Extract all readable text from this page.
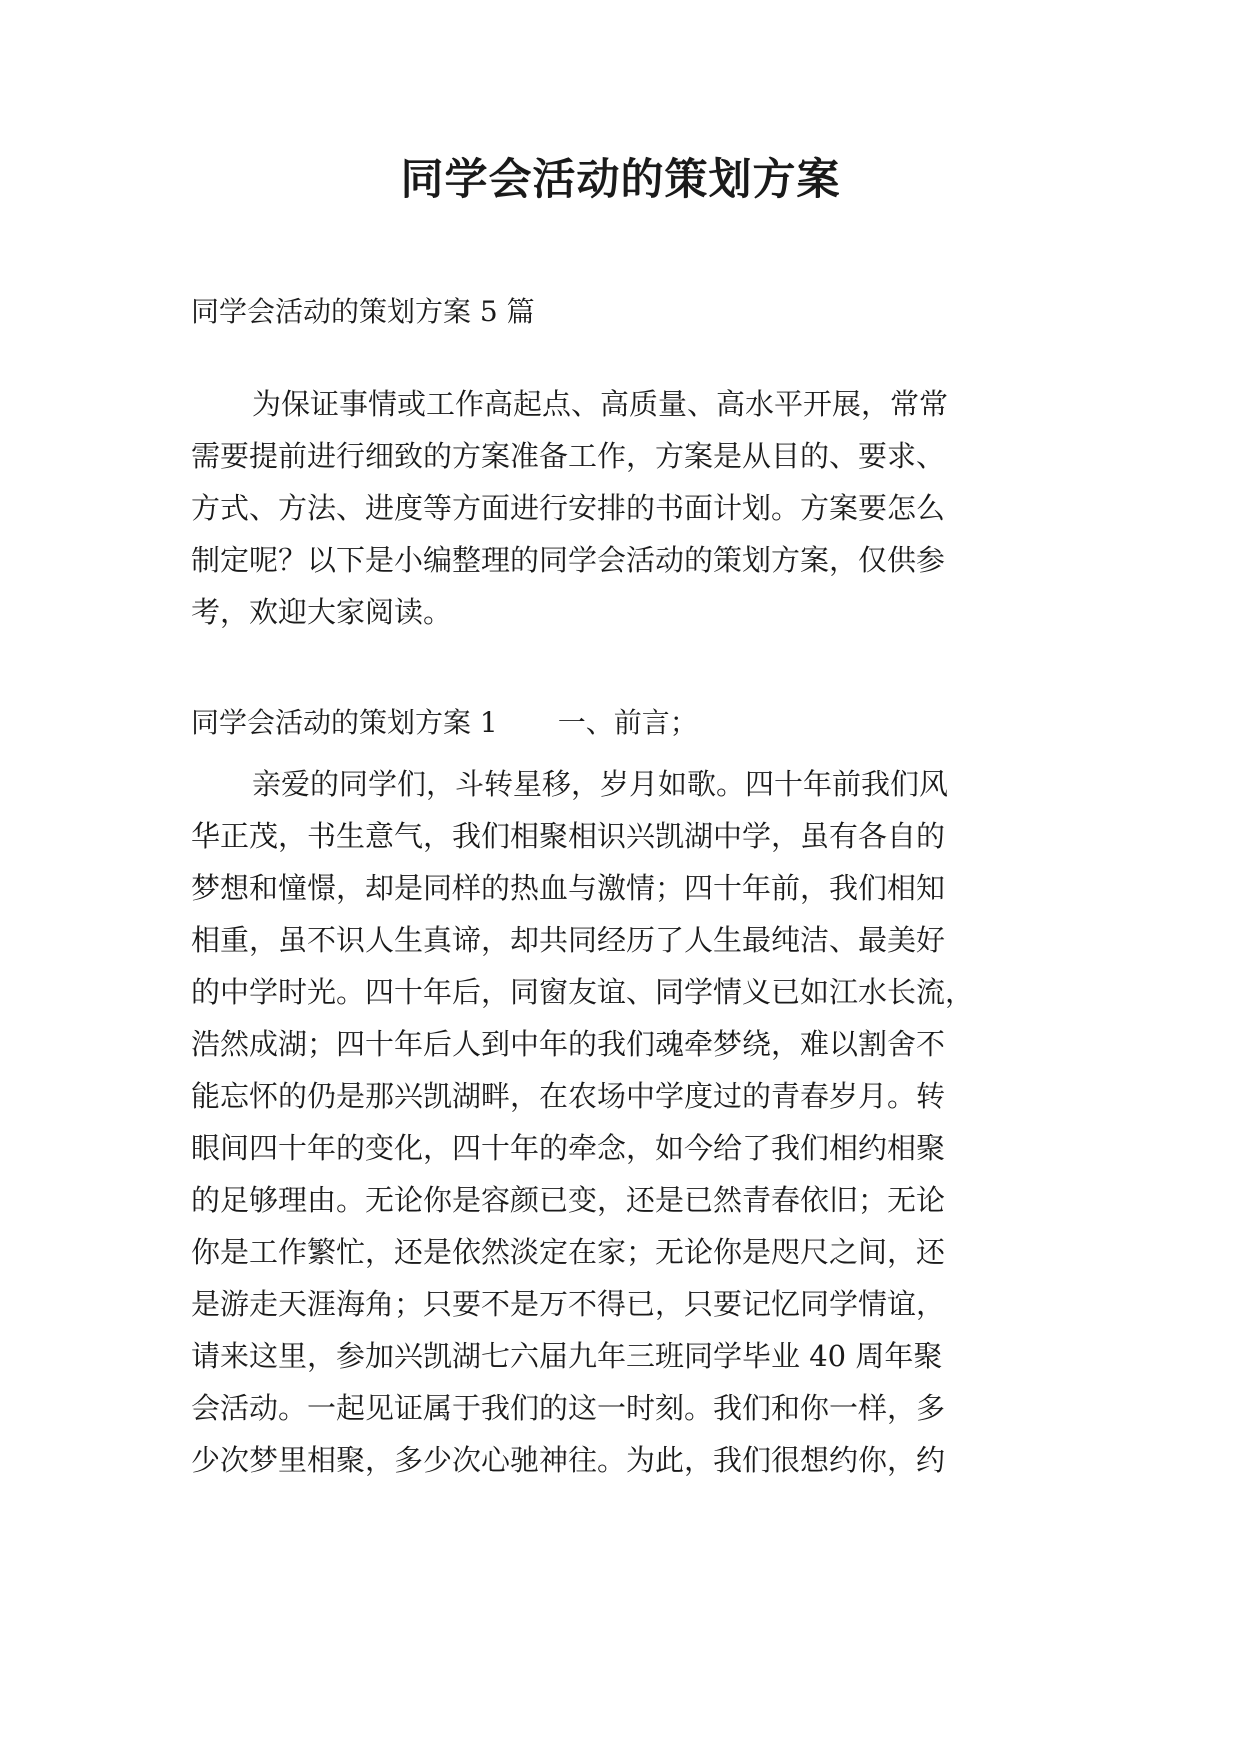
同学会活动的策划方案
同学会活动的策划方案 5 篇
为保证事情或工作高起点、高质量、高水平开展，常常
需要提前进行细致的方案准备工作，方案是从目的、要求、
方式、方法、进度等方面进行安排的书面计划。方案要怎么
制定呢？以下是小编整理的同学会活动的策划方案，仅供参
考，欢迎大家阅读。
同学会活动的策划方案 1 一、前言；
亲爱的同学们，斗转星移，岁月如歌。四十年前我们风
华正茂，书生意气，我们相聚相识兴凯湖中学，虽有各自的
梦想和憧憬，却是同样的热血与激情；四十年前，我们相知
相重，虽不识人生真谛，却共同经历了人生最纯洁、最美好
的中学时光。四十年后，同窗友谊、同学情义已如江水长流，
浩然成湖；四十年后人到中年的我们魂牵梦绕，难以割舍不
能忘怀的仍是那兴凯湖畔，在农场中学度过的青春岁月。转
眼间四十年的变化，四十年的牵念，如今给了我们相约相聚
的足够理由。无论你是容颜已变，还是已然青春依旧；无论
你是工作繁忙，还是依然淡定在家；无论你是咫尺之间，还
是游走天涯海角；只要不是万不得已，只要记忆同学情谊，
请来这里，参加兴凯湖七六届九年三班同学毕业 40 周年聚
会活动。一起见证属于我们的这一时刻。我们和你一样，多
少次梦里相聚，多少次心驰神往。为此，我们很想约你，约
